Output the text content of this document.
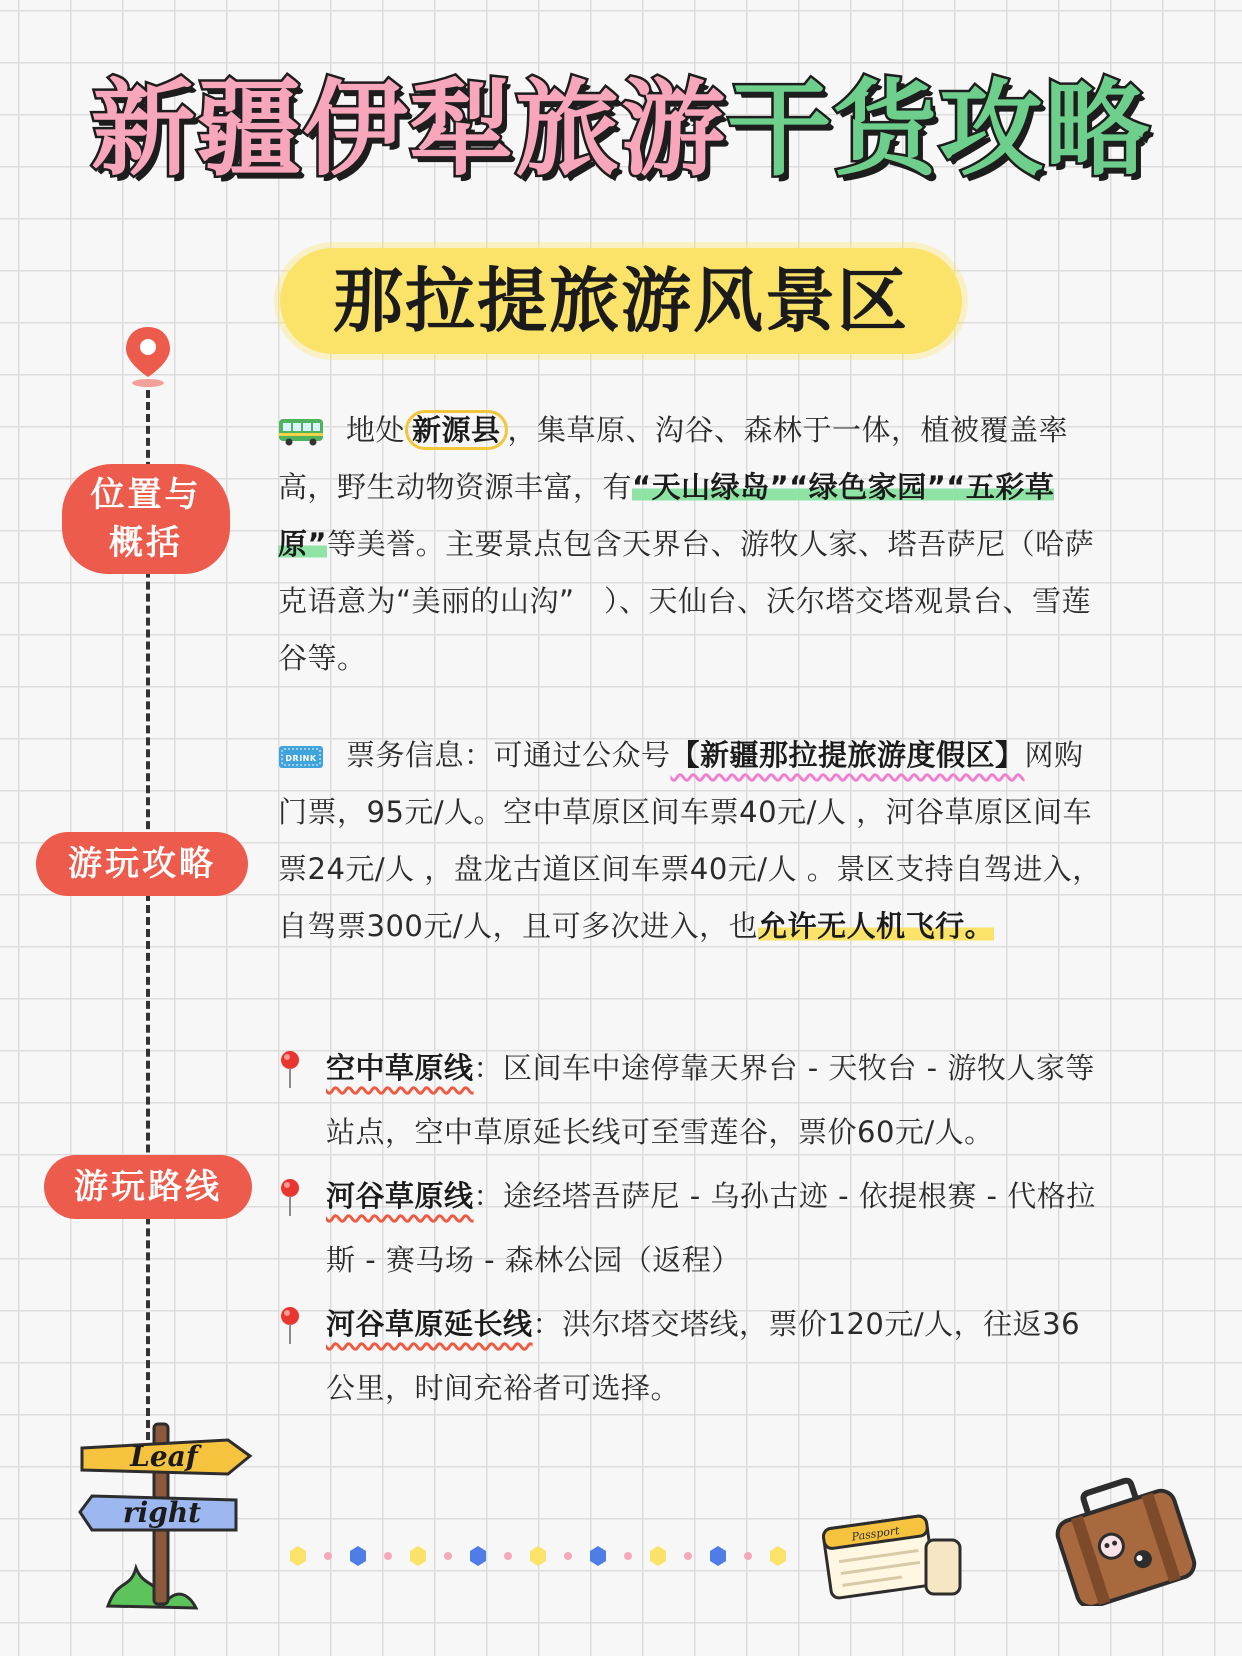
新疆伊犁旅游干货攻略
那拉提旅游风景区
位置与
概括
游玩攻略
游玩路线
地处 新源县 ，集草原、沟谷、森林于一体，植被覆盖率高，野生动物资源丰富，有“天山绿岛”“绿色家园”“五彩草原”等美誉。主要景点包含天界台、游牧人家、塔吾萨尼（哈萨克语意为“美丽的山沟”　）、天仙台、沃尔塔交塔观景台、雪莲谷等。
DRINK 票务信息：可通过公众号【新疆那拉提旅游度假区】网购门票，95元/人。空中草原区间车票40元/人 ，河谷草原区间车票24元/人 ，盘龙古道区间车票40元/人 。景区支持自驾进入，自驾票300元/人，且可多次进入，也允许无人机飞行。
空中草原线：区间车中途停靠天界台 - 天牧台 - 游牧人家等站点，空中草原延长线可至雪莲谷，票价60元/人。
河谷草原线：途经塔吾萨尼 - 乌孙古迹 - 依提根赛 - 代格拉斯 - 赛马场 - 森林公园（返程）
河谷草原延长线：洪尔塔交塔线，票价120元/人，往返36公里，时间充裕者可选择。
Leaf
right
Passport
